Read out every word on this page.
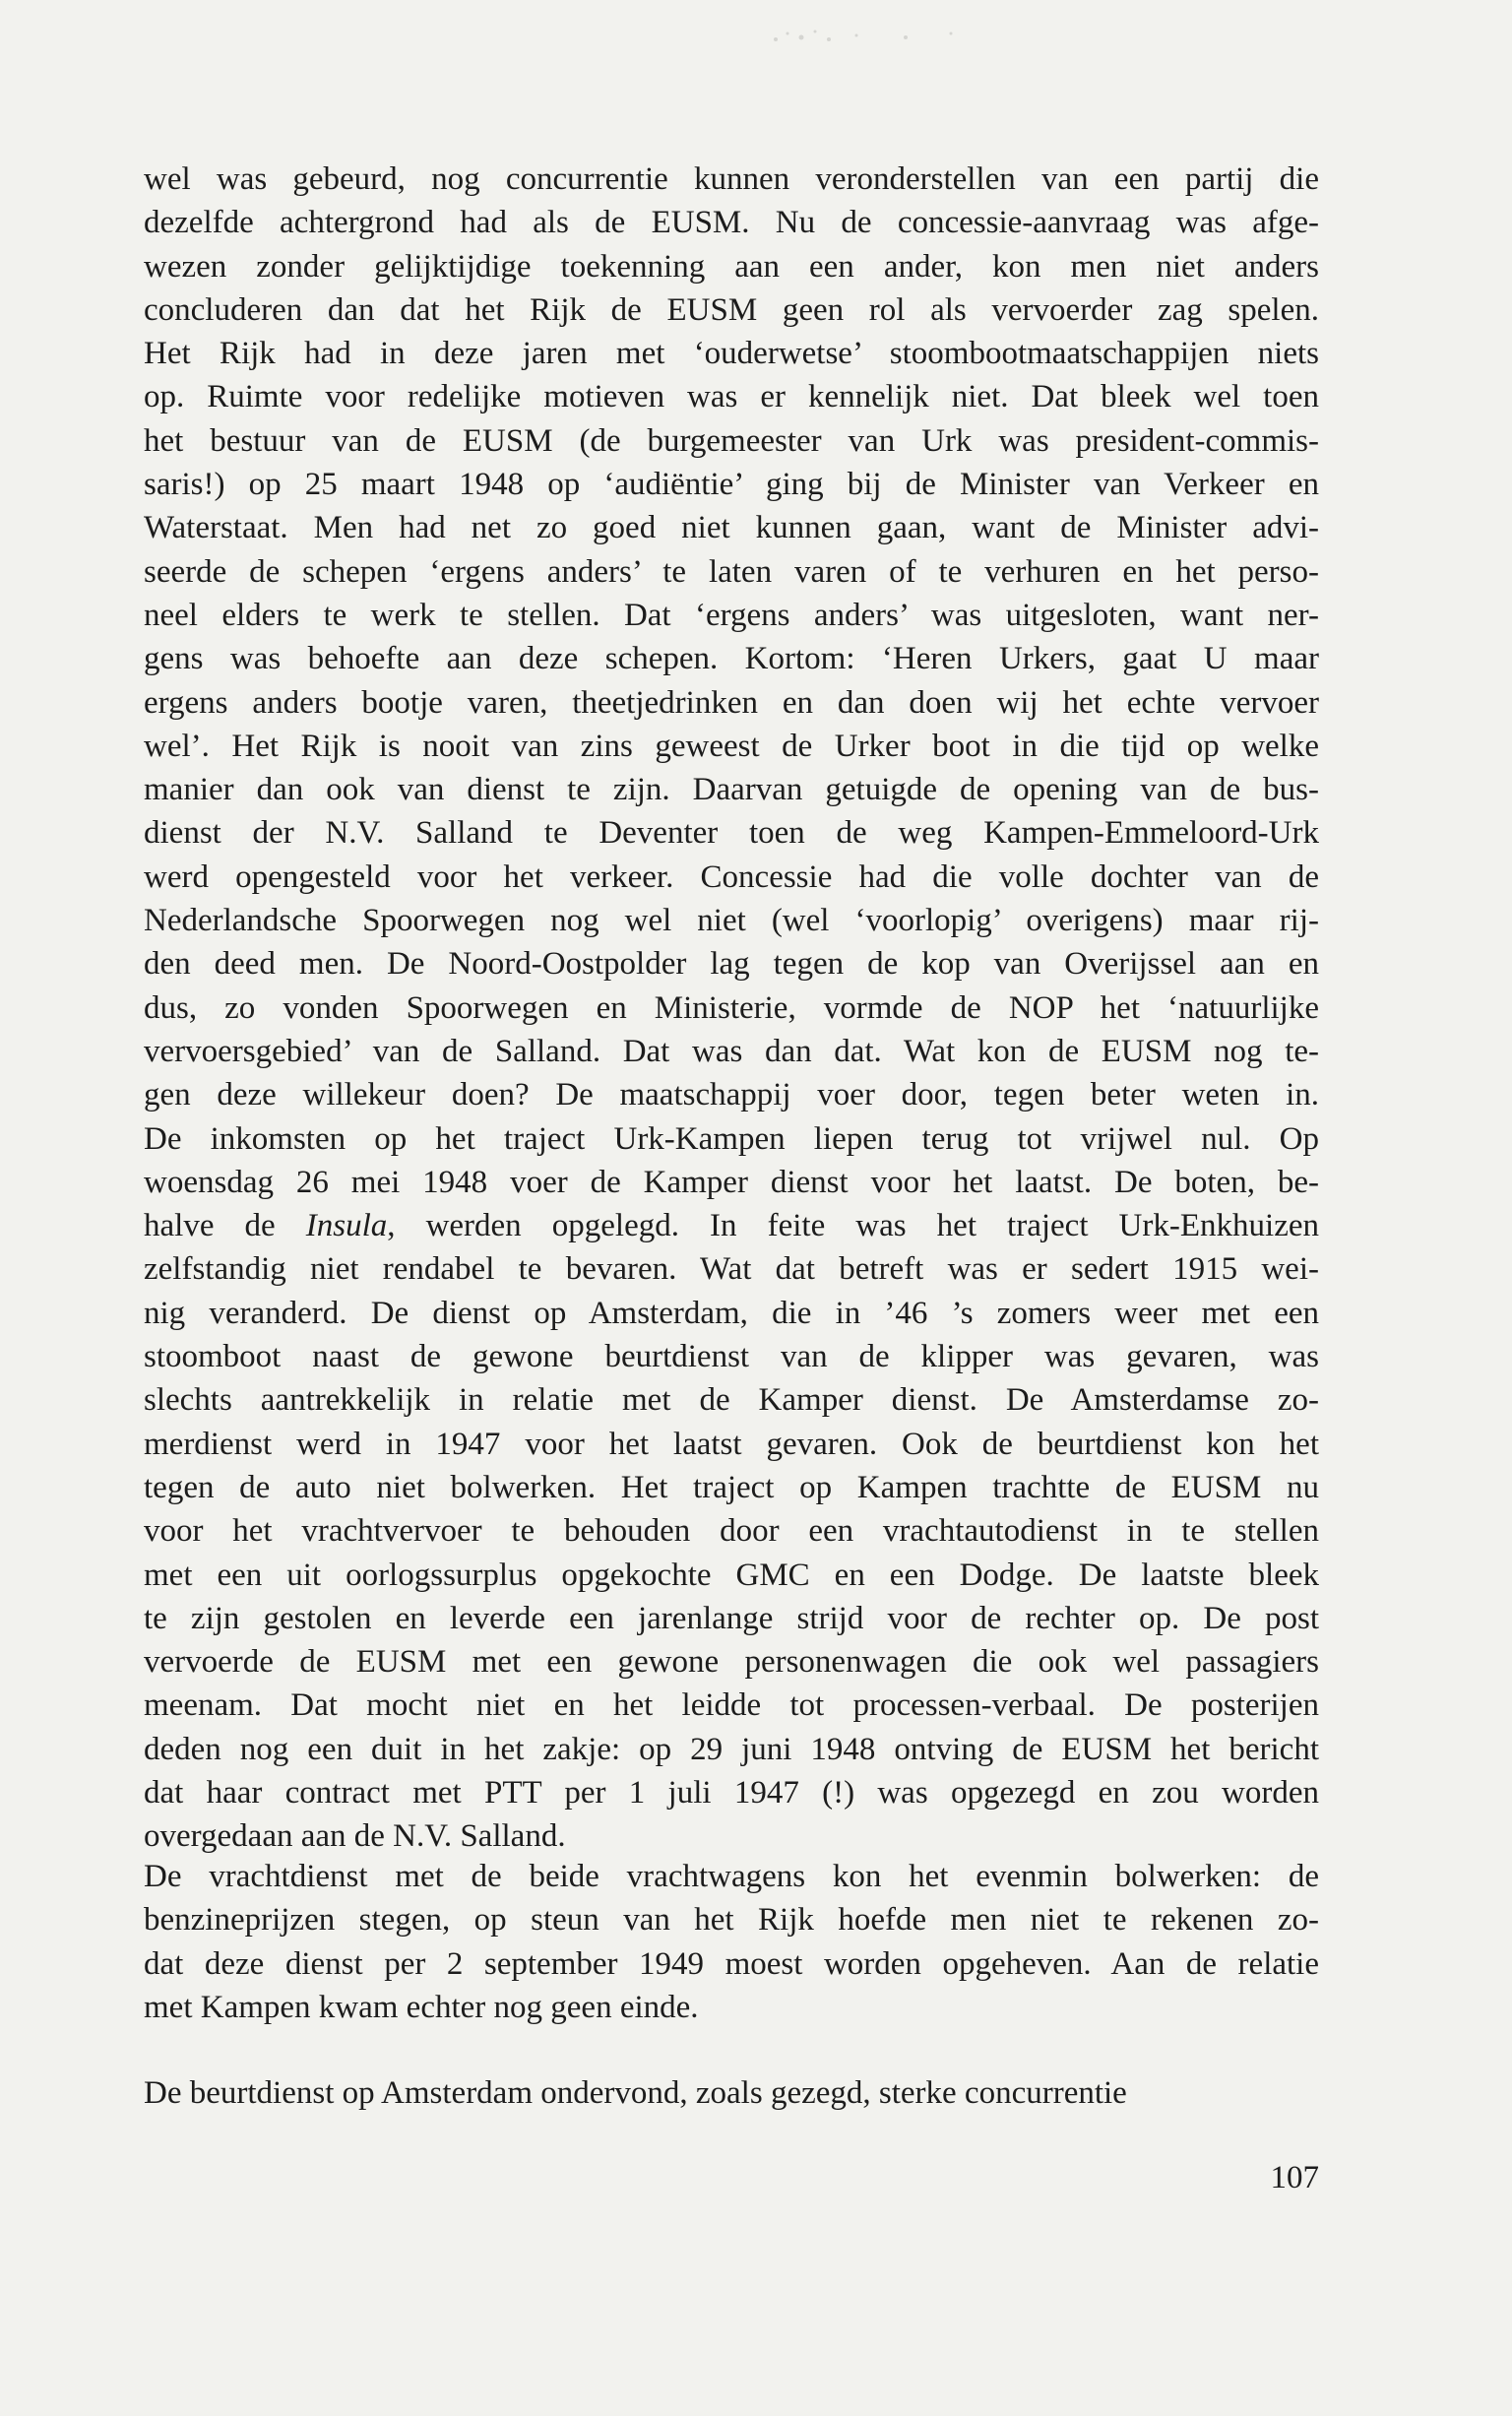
wel was gebeurd, nog concurrentie kunnen veronderstellen van een partij die
dezelfde achtergrond had als de EUSM. Nu de concessie-aanvraag was afge-
wezen zonder gelijktijdige toekenning aan een ander, kon men niet anders
concluderen dan dat het Rijk de EUSM geen rol als vervoerder zag spelen.
Het Rijk had in deze jaren met ‘ouderwetse’ stoombootmaatschappijen niets
op. Ruimte voor redelijke motieven was er kennelijk niet. Dat bleek wel toen
het bestuur van de EUSM (de burgemeester van Urk was president-commis-
saris!) op 25 maart 1948 op ‘audiëntie’ ging bij de Minister van Verkeer en
Waterstaat. Men had net zo goed niet kunnen gaan, want de Minister advi-
seerde de schepen ‘ergens anders’ te laten varen of te verhuren en het perso-
neel elders te werk te stellen. Dat ‘ergens anders’ was uitgesloten, want ner-
gens was behoefte aan deze schepen. Kortom: ‘Heren Urkers, gaat U maar
ergens anders bootje varen, theetjedrinken en dan doen wij het echte vervoer
wel’. Het Rijk is nooit van zins geweest de Urker boot in die tijd op welke
manier dan ook van dienst te zijn. Daarvan getuigde de opening van de bus-
dienst der N.V. Salland te Deventer toen de weg Kampen-Emmeloord-Urk
werd opengesteld voor het verkeer. Concessie had die volle dochter van de
Nederlandsche Spoorwegen nog wel niet (wel ‘voorlopig’ overigens) maar rij-
den deed men. De Noord-Oostpolder lag tegen de kop van Overijssel aan en
dus, zo vonden Spoorwegen en Ministerie, vormde de NOP het ‘natuurlijke
vervoersgebied’ van de Salland. Dat was dan dat. Wat kon de EUSM nog te-
gen deze willekeur doen? De maatschappij voer door, tegen beter weten in.
De inkomsten op het traject Urk-Kampen liepen terug tot vrijwel nul. Op
woensdag 26 mei 1948 voer de Kamper dienst voor het laatst. De boten, be-
halve de Insula, werden opgelegd. In feite was het traject Urk-Enkhuizen
zelfstandig niet rendabel te bevaren. Wat dat betreft was er sedert 1915 wei-
nig veranderd. De dienst op Amsterdam, die in ’46 ’s zomers weer met een
stoomboot naast de gewone beurtdienst van de klipper was gevaren, was
slechts aantrekkelijk in relatie met de Kamper dienst. De Amsterdamse zo-
merdienst werd in 1947 voor het laatst gevaren. Ook de beurtdienst kon het
tegen de auto niet bolwerken. Het traject op Kampen trachtte de EUSM nu
voor het vrachtvervoer te behouden door een vrachtautodienst in te stellen
met een uit oorlogssurplus opgekochte GMC en een Dodge. De laatste bleek
te zijn gestolen en leverde een jarenlange strijd voor de rechter op. De post
vervoerde de EUSM met een gewone personenwagen die ook wel passagiers
meenam. Dat mocht niet en het leidde tot processen-verbaal. De posterijen
deden nog een duit in het zakje: op 29 juni 1948 ontving de EUSM het bericht
dat haar contract met PTT per 1 juli 1947 (!) was opgezegd en zou worden
overgedaan aan de N.V. Salland.
De vrachtdienst met de beide vrachtwagens kon het evenmin bolwerken: de
benzineprijzen stegen, op steun van het Rijk hoefde men niet te rekenen zo-
dat deze dienst per 2 september 1949 moest worden opgeheven. Aan de relatie
met Kampen kwam echter nog geen einde.
De beurtdienst op Amsterdam ondervond, zoals gezegd, sterke concurrentie
107
